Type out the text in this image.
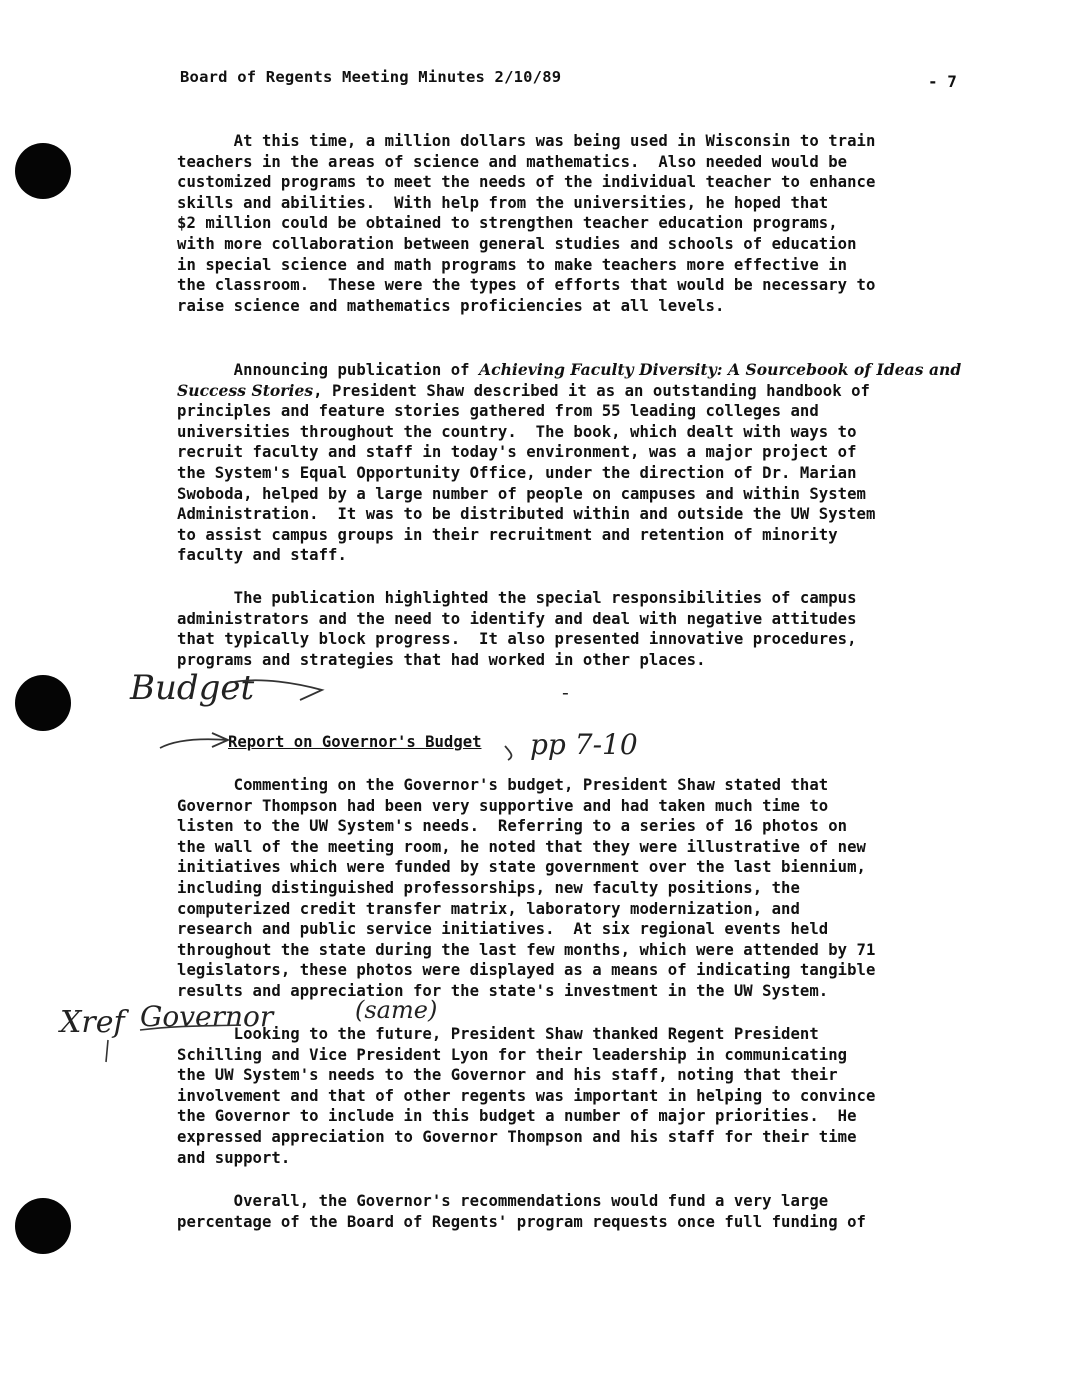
Board of Regents Meeting Minutes 2/10/89	- 7
At this time, a million dollars was being used in Wisconsin to train
teachers in the areas of science and mathematics.  Also needed would be
customized programs to meet the needs of the individual teacher to enhance
skills and abilities.  With help from the universities, he hoped that
$2 million could be obtained to strengthen teacher education programs,
with more collaboration between general studies and schools of education
in special science and math programs to make teachers more effective in
the classroom.  These were the types of efforts that would be necessary to
raise science and mathematics proficiencies at all levels.
Announcing publication of Achieving Faculty Diversity: A Sourcebook of Ideas and
Success Stories, President Shaw described it as an outstanding handbook of
principles and feature stories gathered from 55 leading colleges and
universities throughout the country.  The book, which dealt with ways to
recruit faculty and staff in today's environment, was a major project of
the System's Equal Opportunity Office, under the direction of Dr. Marian
Swoboda, helped by a large number of people on campuses and within System
Administration.  It was to be distributed within and outside the UW System
to assist campus groups in their recruitment and retention of minority
faculty and staff.
The publication highlighted the special responsibilities of campus
administrators and the need to identify and deal with negative attitudes
that typically block progress.  It also presented innovative procedures,
programs and strategies that had worked in other places.
Report on Governor's Budget
Commenting on the Governor's budget, President Shaw stated that
Governor Thompson had been very supportive and had taken much time to
listen to the UW System's needs.  Referring to a series of 16 photos on
the wall of the meeting room, he noted that they were illustrative of new
initiatives which were funded by state government over the last biennium,
including distinguished professorships, new faculty positions, the
computerized credit transfer matrix, laboratory modernization, and
research and public service initiatives.  At six regional events held
throughout the state during the last few months, which were attended by 71
legislators, these photos were displayed as a means of indicating tangible
results and appreciation for the state's investment in the UW System.
Looking to the future, President Shaw thanked Regent President
Schilling and Vice President Lyon for their leadership in communicating
the UW System's needs to the Governor and his staff, noting that their
involvement and that of other regents was important in helping to convince
the Governor to include in this budget a number of major priorities.  He
expressed appreciation to Governor Thompson and his staff for their time
and support.
Overall, the Governor's recommendations would fund a very large
percentage of the Board of Regents' program requests once full funding of
Budget
pp 7-10
Xref Governor	(same)
-
